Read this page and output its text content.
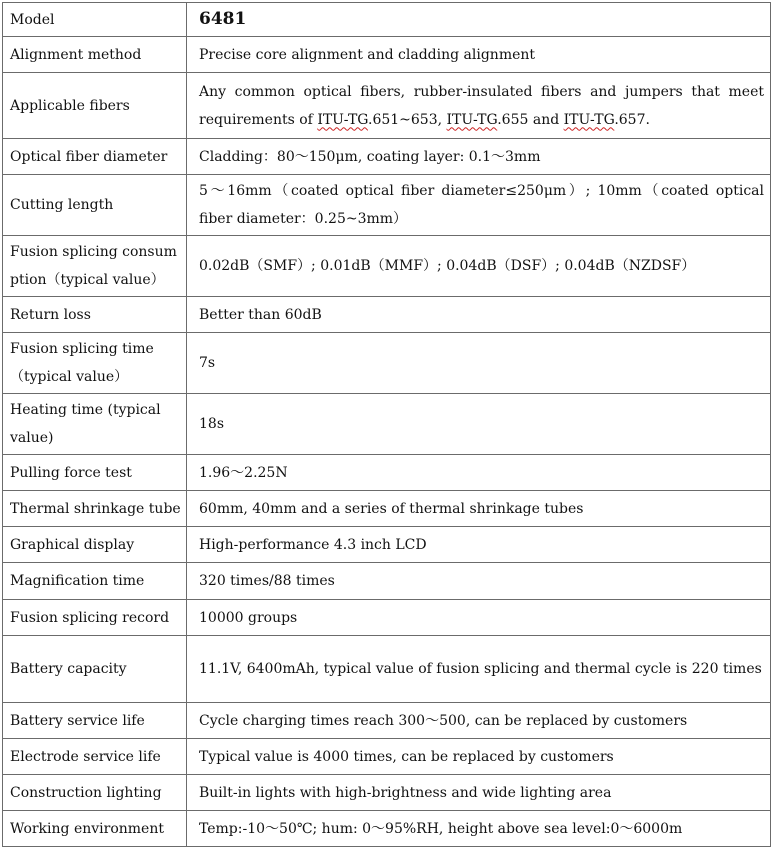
Model	6481
Alignment method	Precise core alignment and cladding alignment
Applicable fibers	Any common optical fibers, rubber-insulated fibers and jumpers that meet requirements of ITU-TG.651~653, ITU-TG.655 and ITU-TG.657.
Optical fiber diameter	Cladding：80～150μm, coating layer: 0.1～3mm
Cutting length	5～16mm（coated optical fiber diameter≤250μm）; 10mm（coated optical fiber diameter：0.25~3mm）
Fusion splicing consumption（typical value）	0.02dB（SMF）; 0.01dB（MMF）; 0.04dB（DSF）; 0.04dB（NZDSF）
Return loss	Better than 60dB
Fusion splicing time（typical value）	7s
Heating time (typical value)	18s
Pulling force test	1.96～2.25N
Thermal shrinkage tube	60mm, 40mm and a series of thermal shrinkage tubes
Graphical display	High-performance 4.3 inch LCD
Magnification time	320 times/88 times
Fusion splicing record	10000 groups
Battery capacity	11.1V, 6400mAh, typical value of fusion splicing and thermal cycle is 220 times
Battery service life	Cycle charging times reach 300～500, can be replaced by customers
Electrode service life	Typical value is 4000 times, can be replaced by customers
Construction lighting	Built-in lights with high-brightness and wide lighting area
Working environment	Temp:-10～50℃; hum: 0～95%RH, height above sea level:0～6000m
